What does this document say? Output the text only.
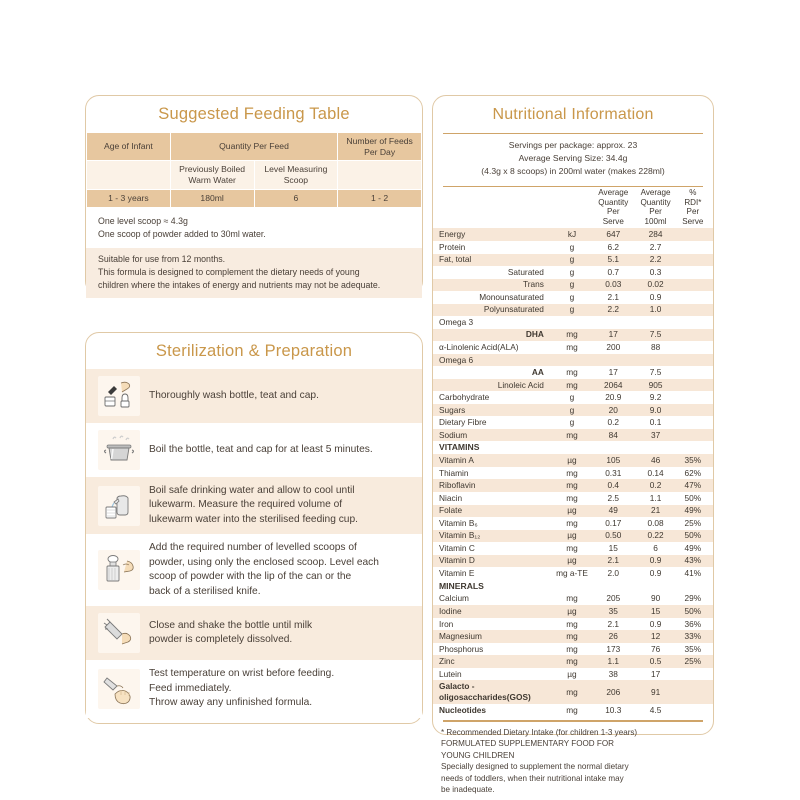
Suggested Feeding Table
Age of Infant	Quantity Per Feed		Number of Feeds Per Day
	Previously Boiled Warm Water	Level Measuring Scoop	
1 - 3 years	180ml	6	1 - 2
One level scoop ≈ 4.3g
One scoop of powder added to 30ml water.
Suitable for use from 12 months.
This formula is designed to complement the dietary needs of young
children where the intakes of energy and nutrients may not be adequate.
Sterilization & Preparation
Thoroughly wash bottle, teat and cap.
Boil the bottle, teat and cap for at least 5 minutes.
Boil safe drinking water and allow to cool until
lukewarm. Measure the required volume of
lukewarm water into the sterilised feeding cup.
Add the required number of levelled scoops of
powder, using only the enclosed scoop. Level each
scoop of powder with the lip of the can or the
back of a sterilised knife.
Close and shake the bottle until milk
powder is completely dissolved.
Test temperature on wrist before feeding.
Feed immediately.
Throw away any unfinished formula.
Nutritional Information
Servings per package: approx. 23
Average Serving Size: 34.4g
(4.3g x 8 scoops) in 200ml water (makes 228ml)
		Average
Quantity
Per
Serve	Average
Quantity
Per
100ml	%
RDI*
Per
Serve
Energy	kJ	647	284	
Protein	g	6.2	2.7	
Fat, total	g	5.1	2.2	
Saturated	g	0.7	0.3	
Trans	g	0.03	0.02	
Monounsaturated	g	2.1	0.9	
Polyunsaturated	g	2.2	1.0	
Omega 3				
DHA	mg	17	7.5	
α-Linolenic Acid(ALA)	mg	200	88	
Omega 6				
AA	mg	17	7.5	
Linoleic Acid	mg	2064	905	
Carbohydrate	g	20.9	9.2	
Sugars	g	20	9.0	
Dietary Fibre	g	0.2	0.1	
Sodium	mg	84	37	
VITAMINS				
Vitamin A	µg	105	46	35%
Thiamin	mg	0.31	0.14	62%
Riboflavin	mg	0.4	0.2	47%
Niacin	mg	2.5	1.1	50%
Folate	µg	49	21	49%
Vitamin B₆	mg	0.17	0.08	25%
Vitamin B₁₂	µg	0.50	0.22	50%
Vitamin C	mg	15	6	49%
Vitamin D	µg	2.1	0.9	43%
Vitamin E	mg a-TE	2.0	0.9	41%
MINERALS				
Calcium	mg	205	90	29%
Iodine	µg	35	15	50%
Iron	mg	2.1	0.9	36%
Magnesium	mg	26	12	33%
Phosphorus	mg	173	76	35%
Zinc	mg	1.1	0.5	25%
Lutein	µg	38	17	
Galacto -
oligosaccharides(GOS)	mg	206	91	
Nucleotides	mg	10.3	4.5	
* Recommended Dietary Intake (for children 1-3 years)
FORMULATED SUPPLEMENTARY FOOD FOR
YOUNG CHILDREN
Specially designed to supplement the normal dietary
needs of toddlers, when their nutritional intake may
be inadequate.
